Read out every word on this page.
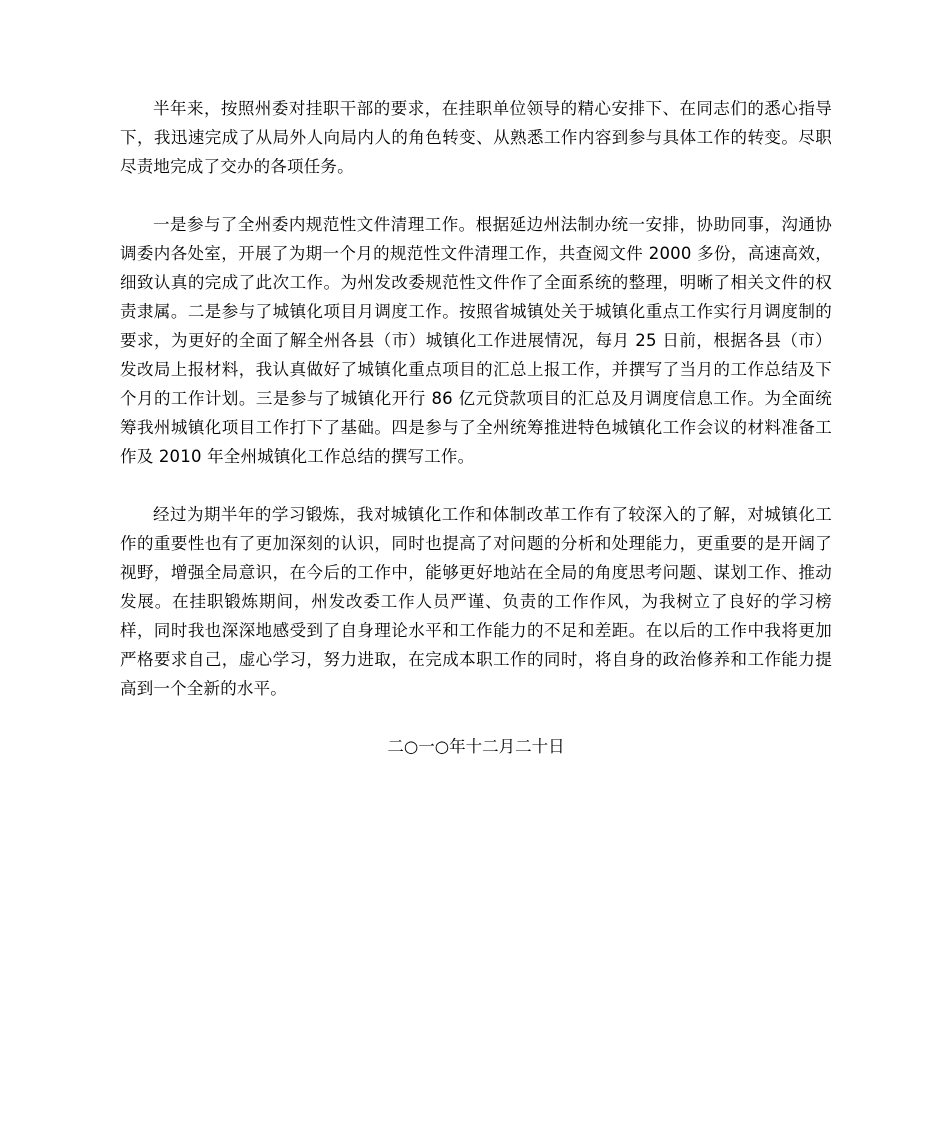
半年来，按照州委对挂职干部的要求，在挂职单位领导的精心安排下、在同志们的悉心指导下，我迅速完成了从局外人向局内人的角色转变、从熟悉工作内容到参与具体工作的转变。尽职尽责地完成了交办的各项任务。

一是参与了全州委内规范性文件清理工作。根据延边州法制办统一安排，协助同事，沟通协调委内各处室，开展了为期一个月的规范性文件清理工作，共查阅文件 2000 多份，高速高效，细致认真的完成了此次工作。为州发改委规范性文件作了全面系统的整理，明晰了相关文件的权责隶属。二是参与了城镇化项目月调度工作。按照省城镇处关于城镇化重点工作实行月调度制的要求，为更好的全面了解全州各县（市）城镇化工作进展情况，每月 25 日前，根据各县（市）发改局上报材料，我认真做好了城镇化重点项目的汇总上报工作，并撰写了当月的工作总结及下个月的工作计划。三是参与了城镇化开行 86 亿元贷款项目的汇总及月调度信息工作。为全面统筹我州城镇化项目工作打下了基础。四是参与了全州统筹推进特色城镇化工作会议的材料准备工作及 2010 年全州城镇化工作总结的撰写工作。

经过为期半年的学习锻炼，我对城镇化工作和体制改革工作有了较深入的了解，对城镇化工作的重要性也有了更加深刻的认识，同时也提高了对问题的分析和处理能力，更重要的是开阔了视野，增强全局意识，在今后的工作中，能够更好地站在全局的角度思考问题、谋划工作、推动发展。在挂职锻炼期间，州发改委工作人员严谨、负责的工作作风，为我树立了良好的学习榜样，同时我也深深地感受到了自身理论水平和工作能力的不足和差距。在以后的工作中我将更加严格要求自己，虚心学习，努力进取，在完成本职工作的同时，将自身的政治修养和工作能力提高到一个全新的水平。

二○一○年十二月二十日
